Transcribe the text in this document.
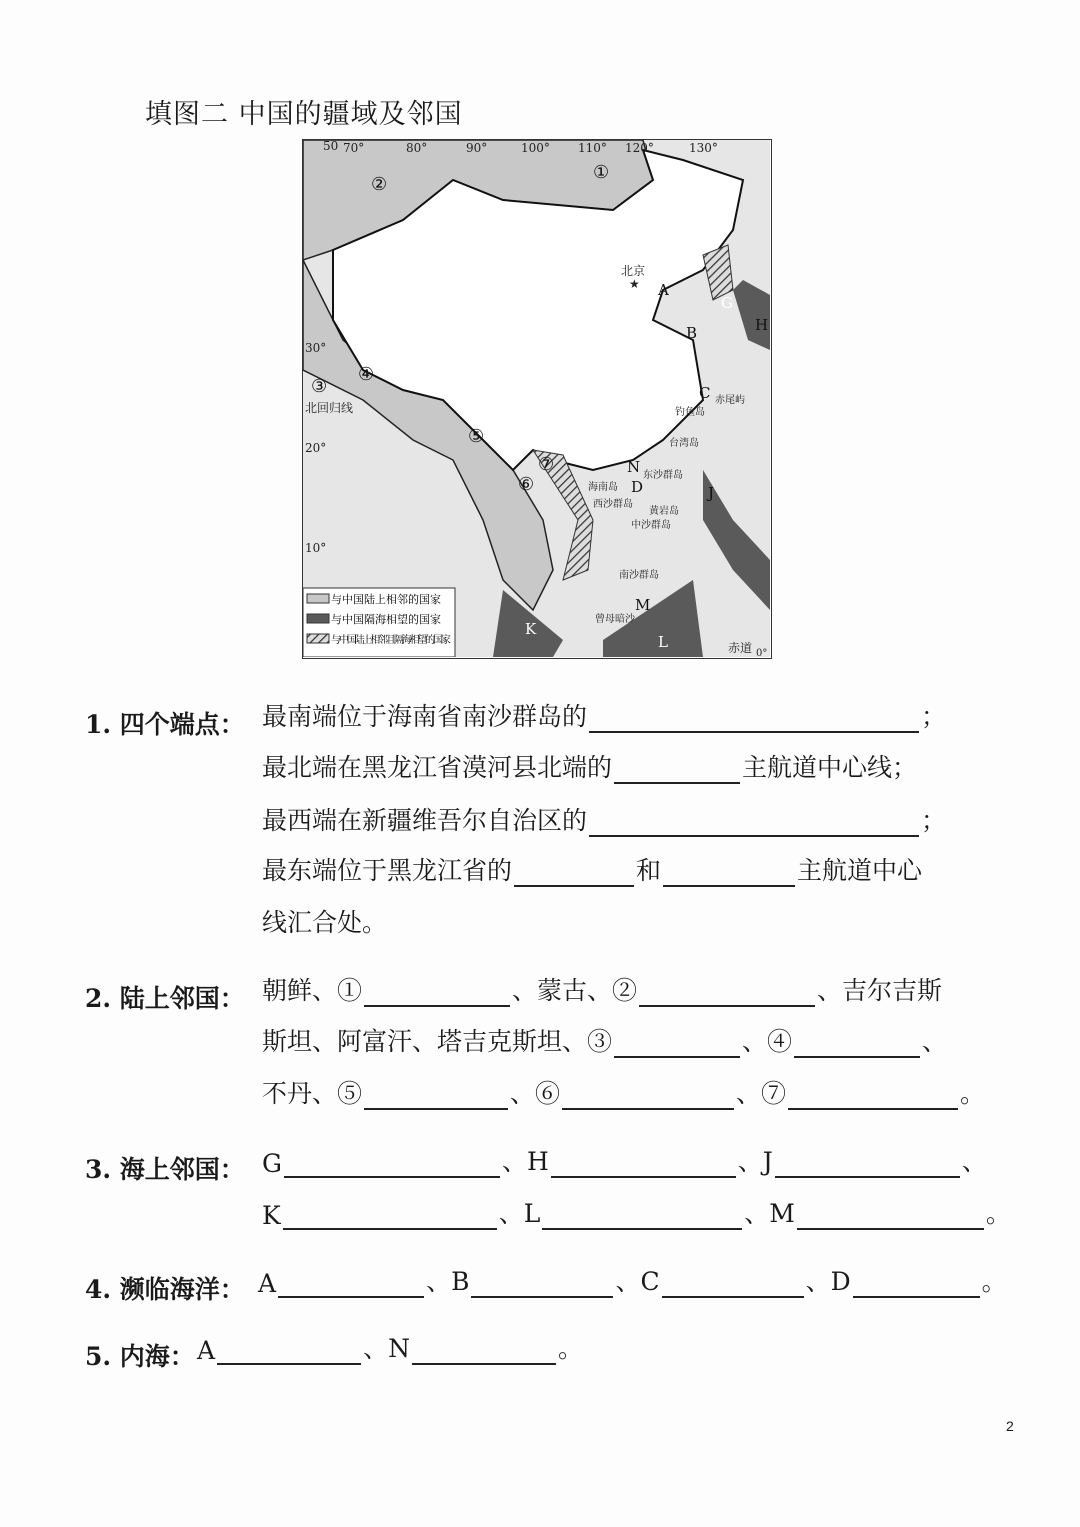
填图二 中国的疆域及邻国
50 70°	80°	90°	100° 110° 120°	130°
30°
20°
10°
北回归线
赤道 0°
北京
★
①
②
③
④
⑤
⑥
⑦
A
B
C
D
G
H
J
K
L
M
N
钓鱼岛
赤尾屿
台湾岛
东沙群岛
海南岛
西沙群岛
黄岩岛
中沙群岛
南沙群岛
曾母暗沙
与中国陆上相邻的国家
与中国隔海相望的国家
与中国陆上相邻且隔海相望的国家
1. 四个端点： 最南端位于海南省南沙群岛的	；
最北端在黑龙江省漠河县北端的	主航道中心线；
最西端在新疆维吾尔自治区的	；
最东端位于黑龙江省的	和	主航道中心
线汇合处。
2. 陆上邻国： 朝鲜、①	、蒙古、②	、吉尔吉斯
斯坦、阿富汗、塔吉克斯坦、③	、④	、
不丹、⑤	、⑥	、⑦	。
3. 海上邻国： G	、H	、J	、
K	、L	、M	。
4. 濒临海洋： A	、B	、C	、D	。
5. 内海： A	、N	。
2
